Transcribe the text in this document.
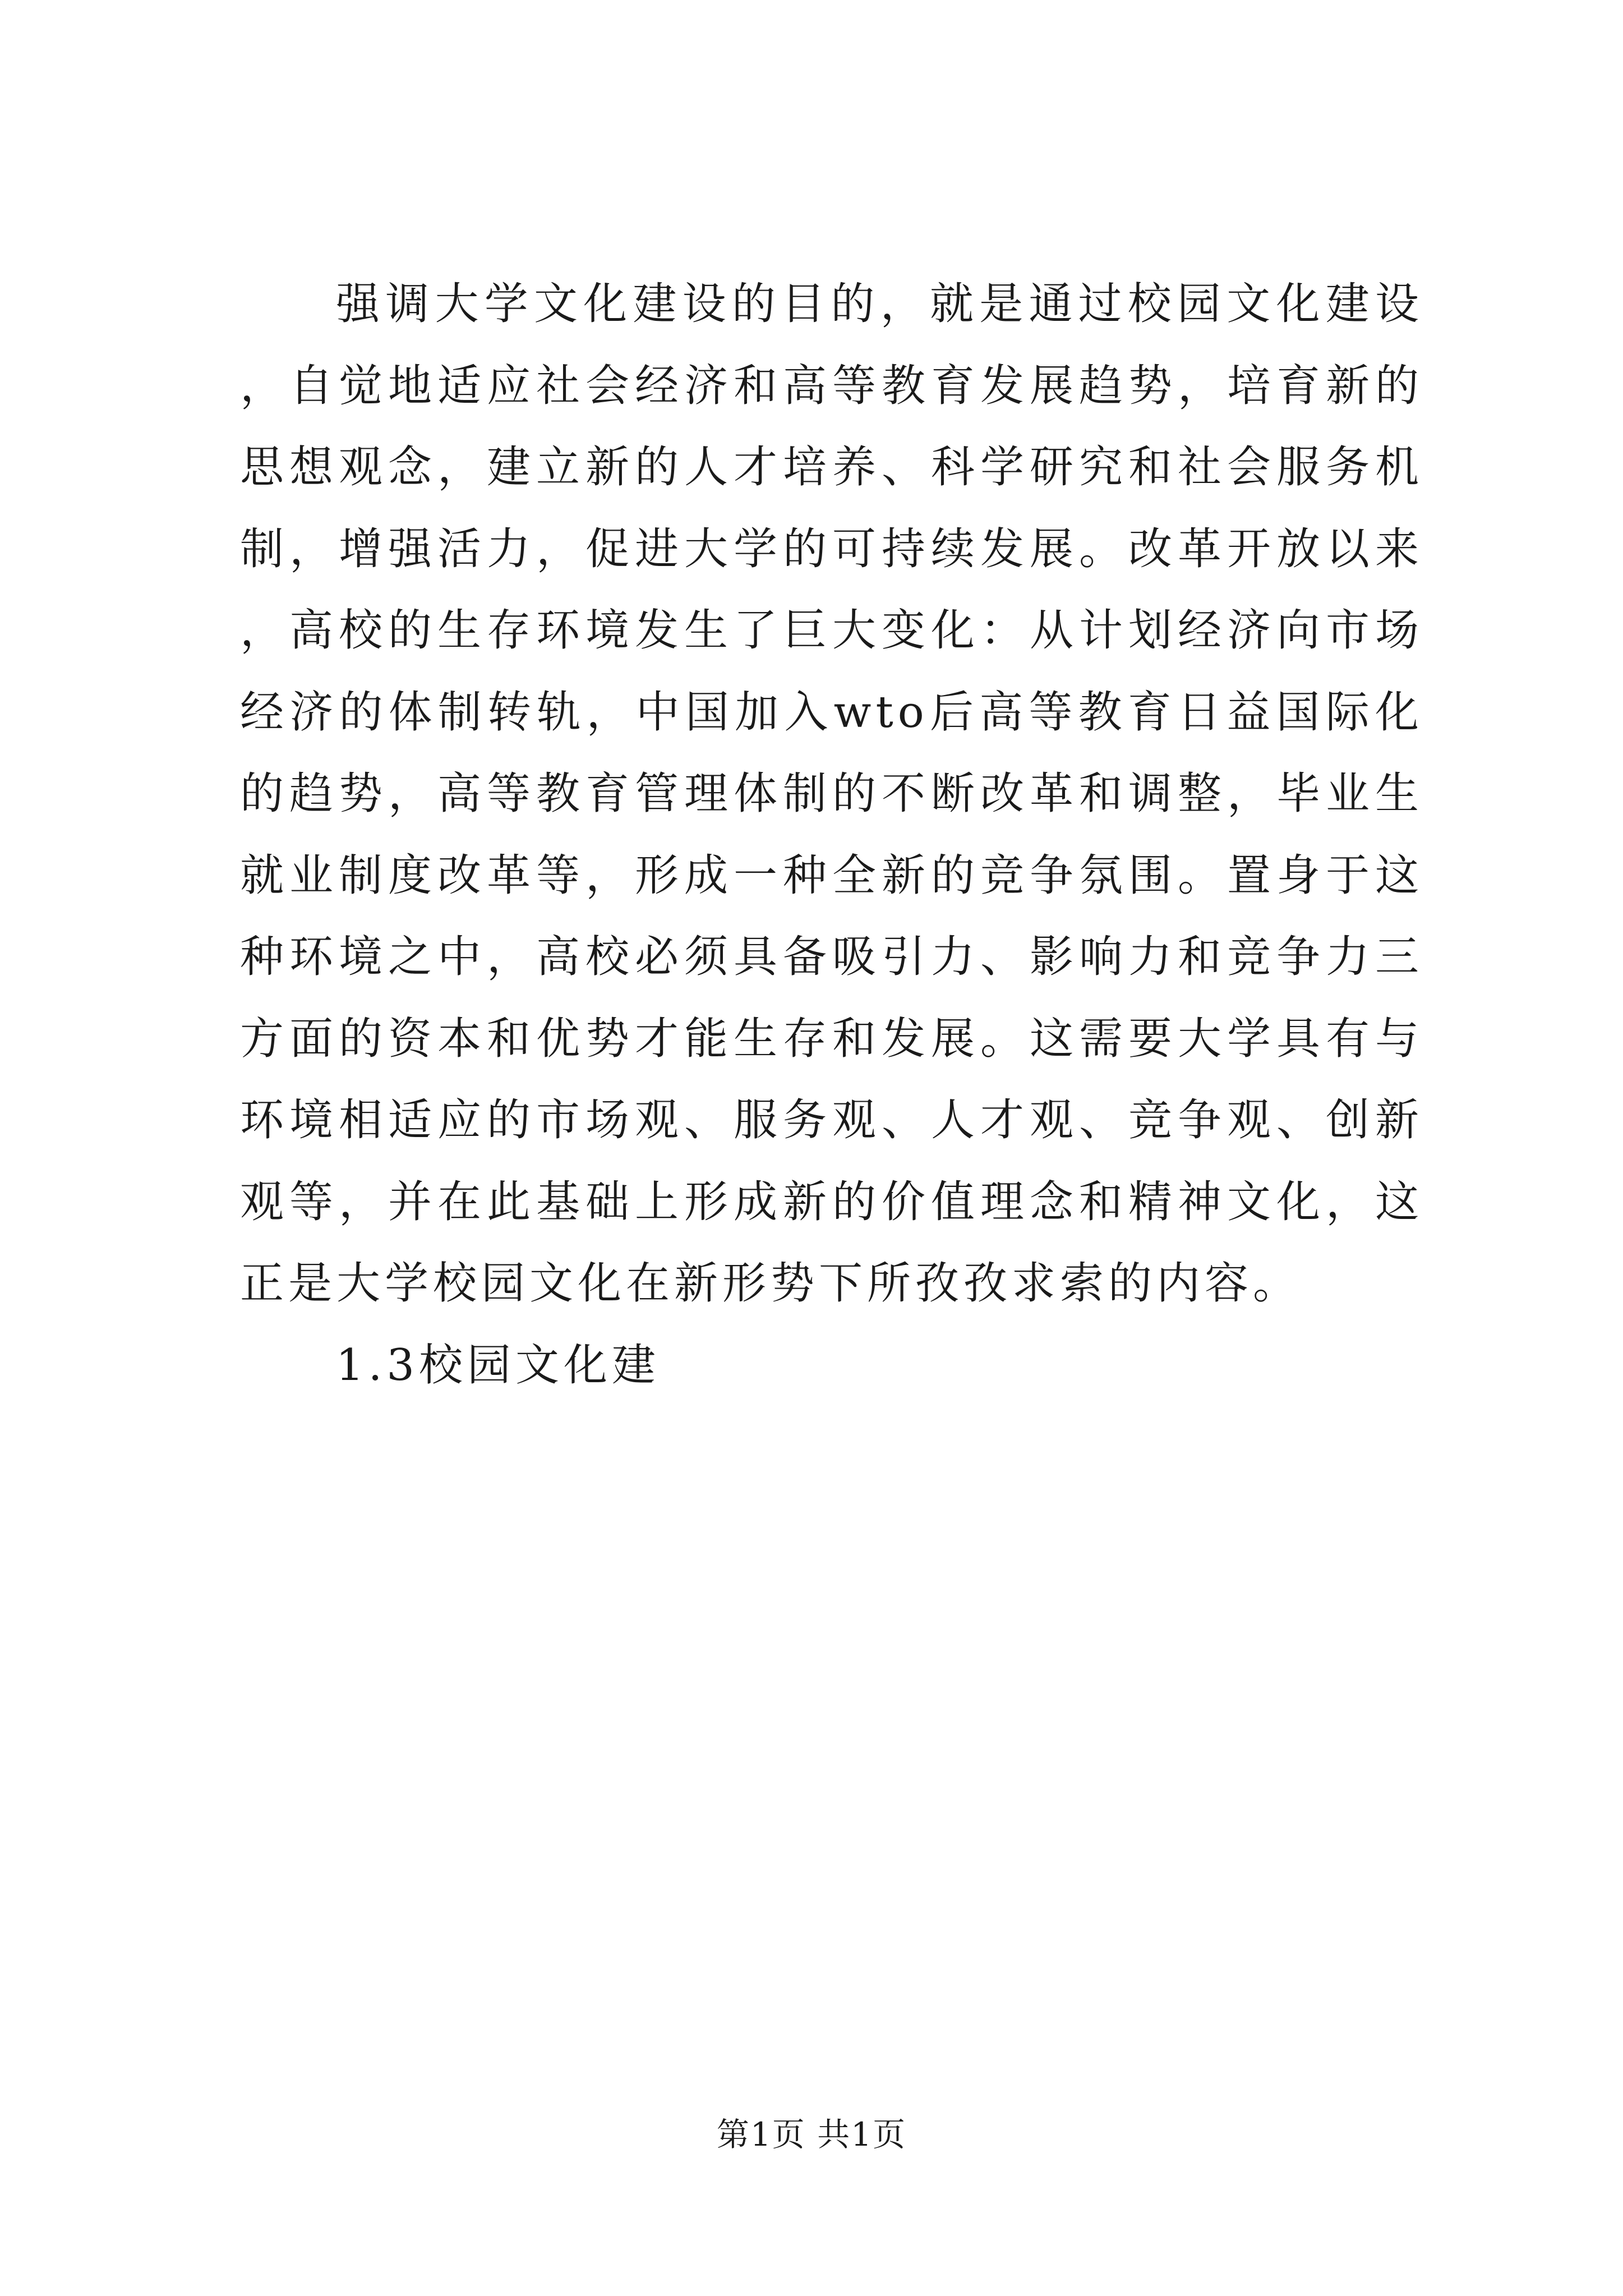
强调大学文化建设的目的，就是通过校园文化建设，自觉地适应社会经济和高等教育发展趋势，培育新的思想观念，建立新的人才培养、科学研究和社会服务机制，增强活力，促进大学的可持续发展。改革开放以来，高校的生存环境发生了巨大变化：从计划经济向市场经济的体制转轨，中国加入wto后高等教育日益国际化的趋势，高等教育管理体制的不断改革和调整，毕业生就业制度改革等，形成一种全新的竞争氛围。置身于这种环境之中，高校必须具备吸引力、影响力和竞争力三方面的资本和优势才能生存和发展。这需要大学具有与环境相适应的市场观、服务观、人才观、竞争观、创新观等，并在此基础上形成新的价值理念和精神文化，这正是大学校园文化在新形势下所孜孜求索的内容。

1.3校园文化建

第1页 共1页
